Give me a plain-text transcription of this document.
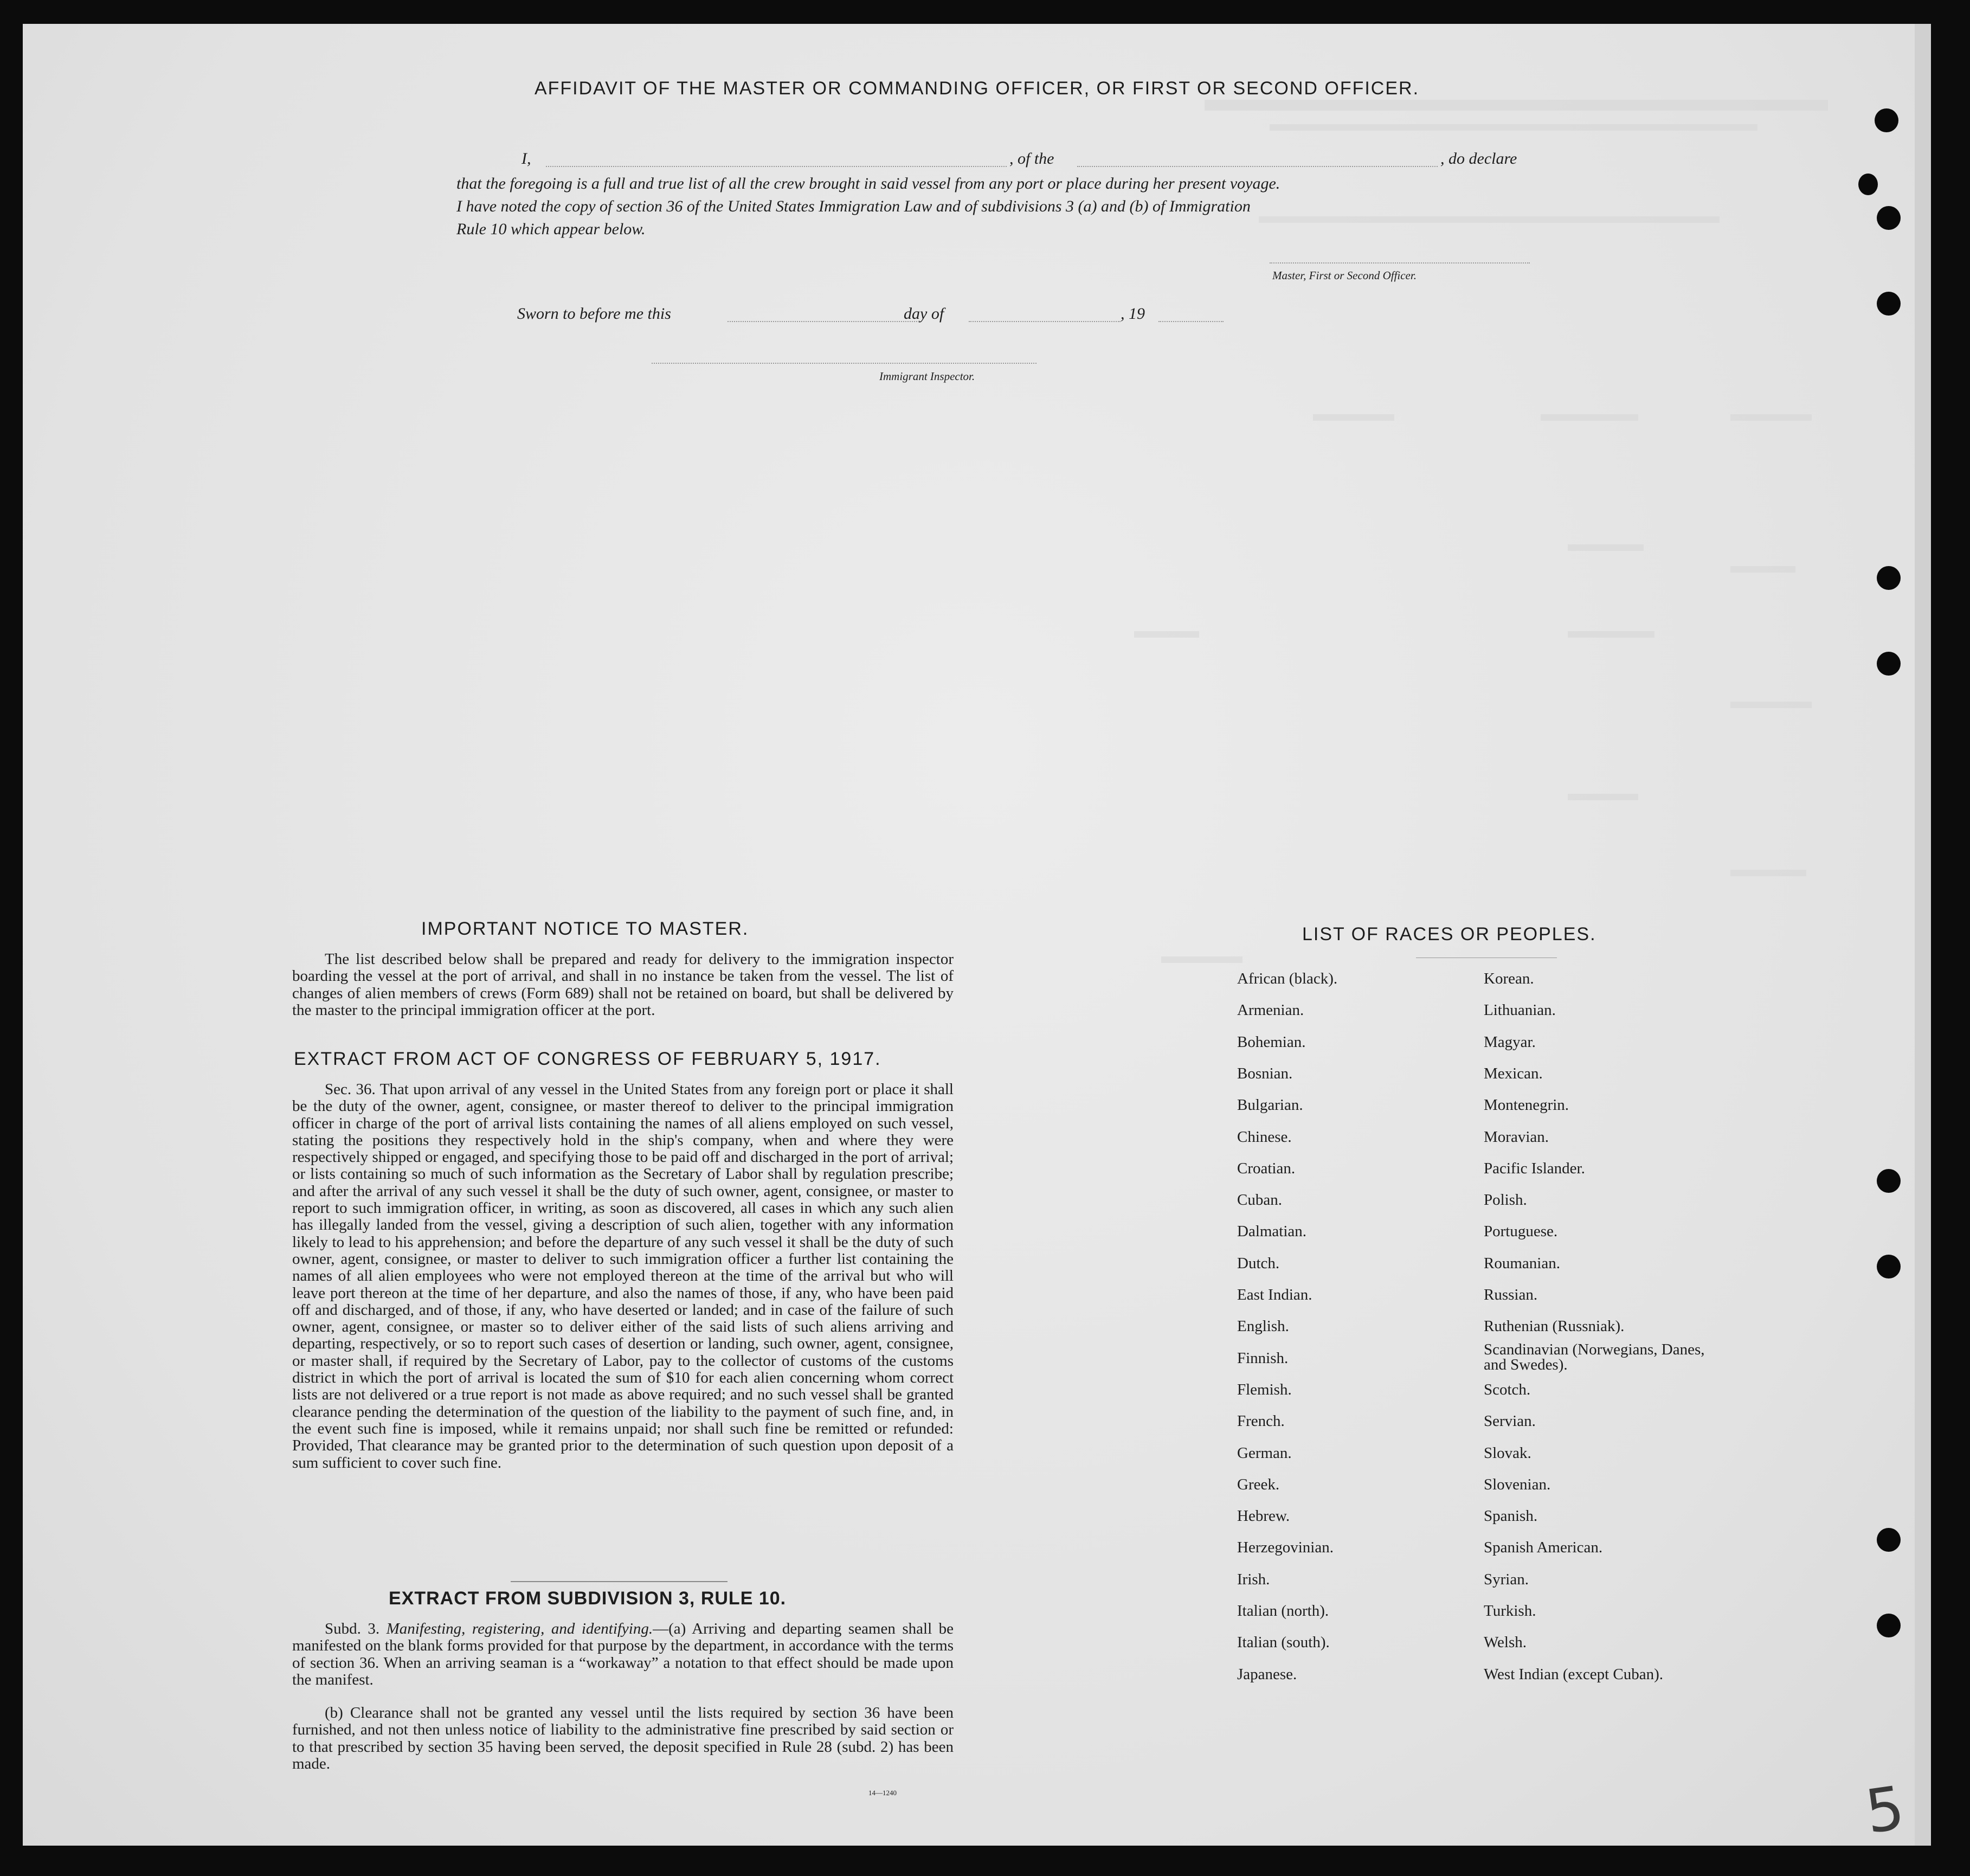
AFFIDAVIT OF THE MASTER OR COMMANDING OFFICER, OR FIRST OR SECOND OFFICER.
I,	, of the	, do declare
that the foregoing is a full and true list of all the crew brought in said vessel from any port or place during her present voyage.
I have noted the copy of section 36 of the United States Immigration Law and of subdivisions 3 (a) and (b) of Immigration
Rule 10 which appear below.
Master, First or Second Officer.
Sworn to before me this	day of	, 19
Immigrant Inspector.
IMPORTANT NOTICE TO MASTER.
The list described below shall be prepared and ready for delivery to the immigration inspector boarding the vessel at the port of arrival, and shall in no instance be taken from the vessel. The list of changes of alien members of crews (Form 689) shall not be retained on board, but shall be delivered by the master to the principal immigration officer at the port.
EXTRACT FROM ACT OF CONGRESS OF FEBRUARY 5, 1917.
Sec. 36. That upon arrival of any vessel in the United States from any foreign port or place it shall be the duty of the owner, agent, consignee, or master thereof to deliver to the principal immigration officer in charge of the port of arrival lists containing the names of all aliens employed on such vessel, stating the positions they respectively hold in the ship's company, when and where they were respectively shipped or engaged, and specifying those to be paid off and discharged in the port of arrival; or lists containing so much of such information as the Secretary of Labor shall by regulation prescribe; and after the arrival of any such vessel it shall be the duty of such owner, agent, consignee, or master to report to such immigration officer, in writing, as soon as discovered, all cases in which any such alien has illegally landed from the vessel, giving a description of such alien, together with any information likely to lead to his apprehension; and before the departure of any such vessel it shall be the duty of such owner, agent, consignee, or master to deliver to such immigration officer a further list containing the names of all alien employees who were not employed thereon at the time of the arrival but who will leave port thereon at the time of her departure, and also the names of those, if any, who have been paid off and discharged, and of those, if any, who have deserted or landed; and in case of the failure of such owner, agent, consignee, or master so to deliver either of the said lists of such aliens arriving and departing, respectively, or so to report such cases of desertion or landing, such owner, agent, consignee, or master shall, if required by the Secretary of Labor, pay to the collector of customs of the customs district in which the port of arrival is located the sum of $10 for each alien concerning whom correct lists are not delivered or a true report is not made as above required; and no such vessel shall be granted clearance pending the determination of the question of the liability to the payment of such fine, and, in the event such fine is imposed, while it remains unpaid; nor shall such fine be remitted or refunded: Provided, That clearance may be granted prior to the determination of such question upon deposit of a sum sufficient to cover such fine.
EXTRACT FROM SUBDIVISION 3, RULE 10.
Subd. 3. Manifesting, registering, and identifying.—(a) Arriving and departing seamen shall be manifested on the blank forms provided for that purpose by the department, in accordance with the terms of section 36. When an arriving seaman is a “workaway” a notation to that effect should be made upon the manifest.
(b) Clearance shall not be granted any vessel until the lists required by section 36 have been furnished, and not then unless notice of liability to the administrative fine prescribed by said section or to that prescribed by section 35 having been served, the deposit specified in Rule 28 (subd. 2) has been made.
14—1240
LIST OF RACES OR PEOPLES.
African (black).
Armenian.
Bohemian.
Bosnian.
Bulgarian.
Chinese.
Croatian.
Cuban.
Dalmatian.
Dutch.
East Indian.
English.
Finnish.
Flemish.
French.
German.
Greek.
Hebrew.
Herzegovinian.
Irish.
Italian (north).
Italian (south).
Japanese.
Korean.
Lithuanian.
Magyar.
Mexican.
Montenegrin.
Moravian.
Pacific Islander.
Polish.
Portuguese.
Roumanian.
Russian.
Ruthenian (Russniak).
Scandinavian (Norwegians, Danes, and Swedes).
Scotch.
Servian.
Slovak.
Slovenian.
Spanish.
Spanish American.
Syrian.
Turkish.
Welsh.
West Indian (except Cuban).
5
